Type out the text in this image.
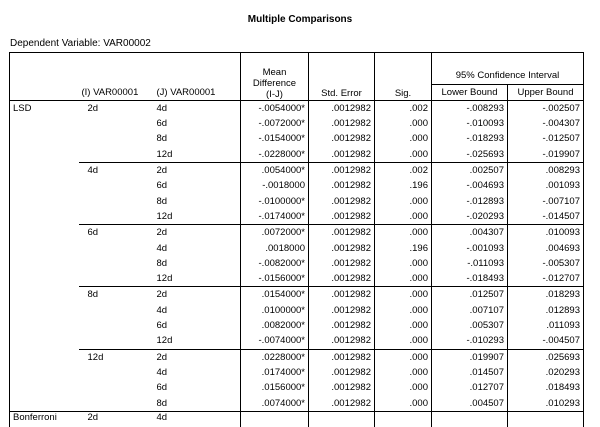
Multiple Comparisons
Dependent Variable: VAR00002
			Mean
Difference
(I-J)	Std. Error	Sig.		
						95% Confidence Interval	
	(I) VAR00001	(J) VAR00001				Lower Bound	Upper Bound
LSD	2d	4d	-.0054000*	.0012982	.002	-.008293	-.002507
		6d	-.0072000*	.0012982	.000	-.010093	-.004307
		8d	-.0154000*	.0012982	.000	-.018293	-.012507
		12d	-.0228000*	.0012982	.000	-.025693	-.019907
	4d	2d	.0054000*	.0012982	.002	.002507	.008293
		6d	-.0018000	.0012982	.196	-.004693	.001093
		8d	-.0100000*	.0012982	.000	-.012893	-.007107
		12d	-.0174000*	.0012982	.000	-.020293	-.014507
	6d	2d	.0072000*	.0012982	.000	.004307	.010093
		4d	.0018000	.0012982	.196	-.001093	.004693
		8d	-.0082000*	.0012982	.000	-.011093	-.005307
		12d	-.0156000*	.0012982	.000	-.018493	-.012707
	8d	2d	.0154000*	.0012982	.000	.012507	.018293
		4d	.0100000*	.0012982	.000	.007107	.012893
		6d	.0082000*	.0012982	.000	.005307	.011093
		12d	-.0074000*	.0012982	.000	-.010293	-.004507
	12d	2d	.0228000*	.0012982	.000	.019907	.025693
		4d	.0174000*	.0012982	.000	.014507	.020293
		6d	.0156000*	.0012982	.000	.012707	.018493
		8d	.0074000*	.0012982	.000	.004507	.010293

Bonferroni	2d	4d					
